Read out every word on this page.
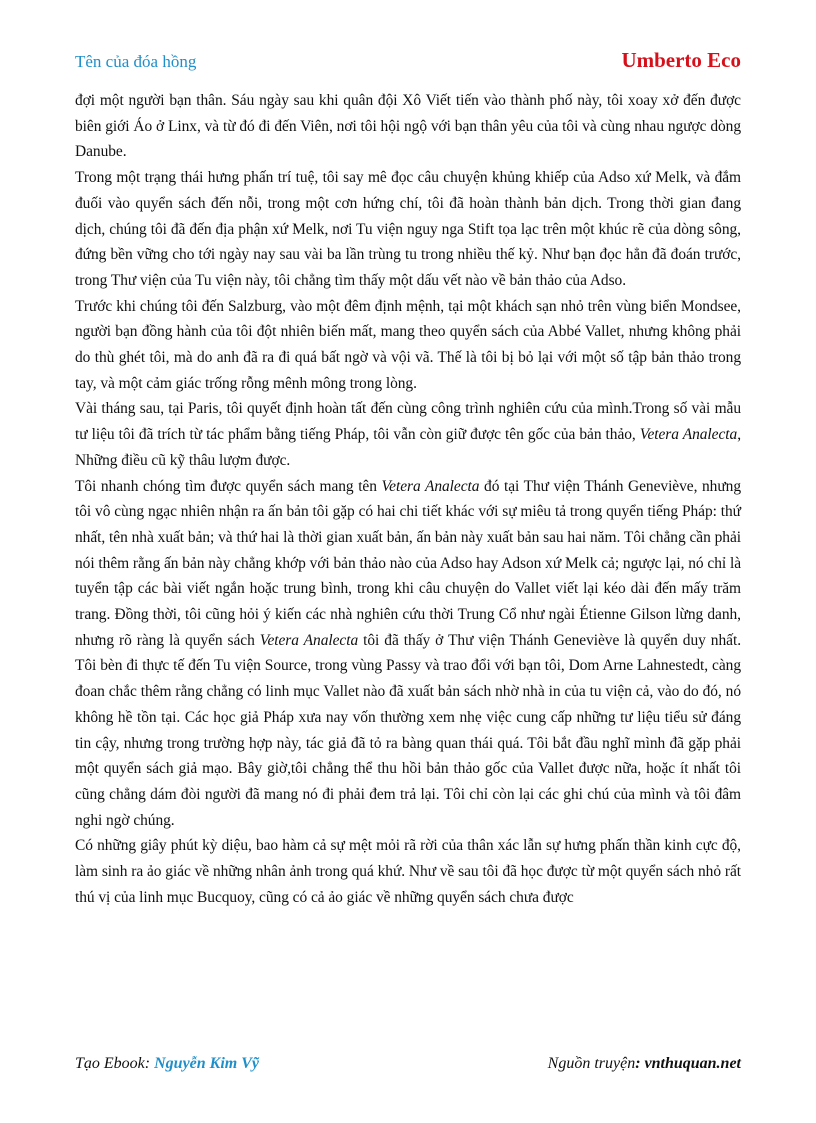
Tên của đóa hồng	Umberto Eco

đợi một người bạn thân. Sáu ngày sau khi quân đội Xô Viết tiến vào thành phố này, tôi xoay xở đến được biên giới Áo ở Linx, và từ đó đi đến Viên, nơi tôi hội ngộ với bạn thân yêu của tôi và cùng nhau ngược dòng Danube.

Trong một trạng thái hưng phấn trí tuệ, tôi say mê đọc câu chuyện khủng khiếp của Adso xứ Melk, và đắm đuối vào quyển sách đến nỗi, trong một cơn hứng chí, tôi đã hoàn thành bản dịch. Trong thời gian đang dịch, chúng tôi đã đến địa phận xứ Melk, nơi Tu viện nguy nga Stift tọa lạc trên một khúc rẽ của dòng sông, đứng bền vững cho tới ngày nay sau vài ba lần trùng tu trong nhiều thế kỷ. Như bạn đọc hẳn đã đoán trước, trong Thư viện của Tu viện này, tôi chẳng tìm thấy một dấu vết nào về bản thảo của Adso.

Trước khi chúng tôi đến Salzburg, vào một đêm định mệnh, tại một khách sạn nhỏ trên vùng biển Mondsee, người bạn đồng hành của tôi đột nhiên biến mất, mang theo quyển sách của Abbé Vallet, nhưng không phải do thù ghét tôi, mà do anh đã ra đi quá bất ngờ và vội vã. Thế là tôi bị bỏ lại với một số tập bản thảo trong tay, và một cảm giác trống rỗng mênh mông trong lòng.

Vài tháng sau, tại Paris, tôi quyết định hoàn tất đến cùng công trình nghiên cứu của mình.Trong số vài mẫu tư liệu tôi đã trích từ tác phẩm bằng tiếng Pháp, tôi vẫn còn giữ được tên gốc của bản thảo, Vetera Analecta, Những điều cũ kỹ thâu lượm được.

Tôi nhanh chóng tìm được quyển sách mang tên Vetera Analecta đó tại Thư viện Thánh Geneviève, nhưng tôi vô cùng ngạc nhiên nhận ra ấn bản tôi gặp có hai chi tiết khác với sự miêu tả trong quyển tiếng Pháp: thứ nhất, tên nhà xuất bản; và thứ hai là thời gian xuất bản, ấn bản này xuất bản sau hai năm. Tôi chẳng cần phải nói thêm rằng ấn bản này chẳng khớp với bản thảo nào của Adso hay Adson xứ Melk cả; ngược lại, nó chỉ là tuyển tập các bài viết ngắn hoặc trung bình, trong khi câu chuyện do Vallet viết lại kéo dài đến mấy trăm trang. Đồng thời, tôi cũng hỏi ý kiến các nhà nghiên cứu thời Trung Cổ như ngài Étienne Gilson lừng danh, nhưng rõ ràng là quyển sách Vetera Analecta tôi đã thấy ở Thư viện Thánh Geneviève là quyển duy nhất. Tôi bèn đi thực tế đến Tu viện Source, trong vùng Passy và trao đổi với bạn tôi, Dom Arne Lahnestedt, càng đoan chắc thêm rằng chẳng có linh mục Vallet nào đã xuất bản sách nhờ nhà in của tu viện cả, vào do đó, nó không hề tồn tại. Các học giả Pháp xưa nay vốn thường xem nhẹ việc cung cấp những tư liệu tiểu sử đáng tin cậy, nhưng trong trường hợp này, tác giả đã tỏ ra bàng quan thái quá. Tôi bắt đầu nghĩ mình đã gặp phải một quyển sách giả mạo. Bây giờ,tôi chẳng thể thu hồi bản thảo gốc của Vallet được nữa, hoặc ít nhất tôi cũng chẳng dám đòi người đã mang nó đi phải đem trả lại. Tôi chỉ còn lại các ghi chú của mình và tôi đâm nghi ngờ chúng.

Có những giây phút kỳ diệu, bao hàm cả sự mệt mỏi rã rời của thân xác lẫn sự hưng phấn thần kinh cực độ, làm sinh ra ảo giác về những nhân ảnh trong quá khứ. Như về sau tôi đã học được từ một quyển sách nhỏ rất thú vị của linh mục Bucquoy, cũng có cả ảo giác về những quyển sách chưa được

Tạo Ebook: Nguyễn Kim Vỹ	Nguồn truyện: vnthuquan.net
